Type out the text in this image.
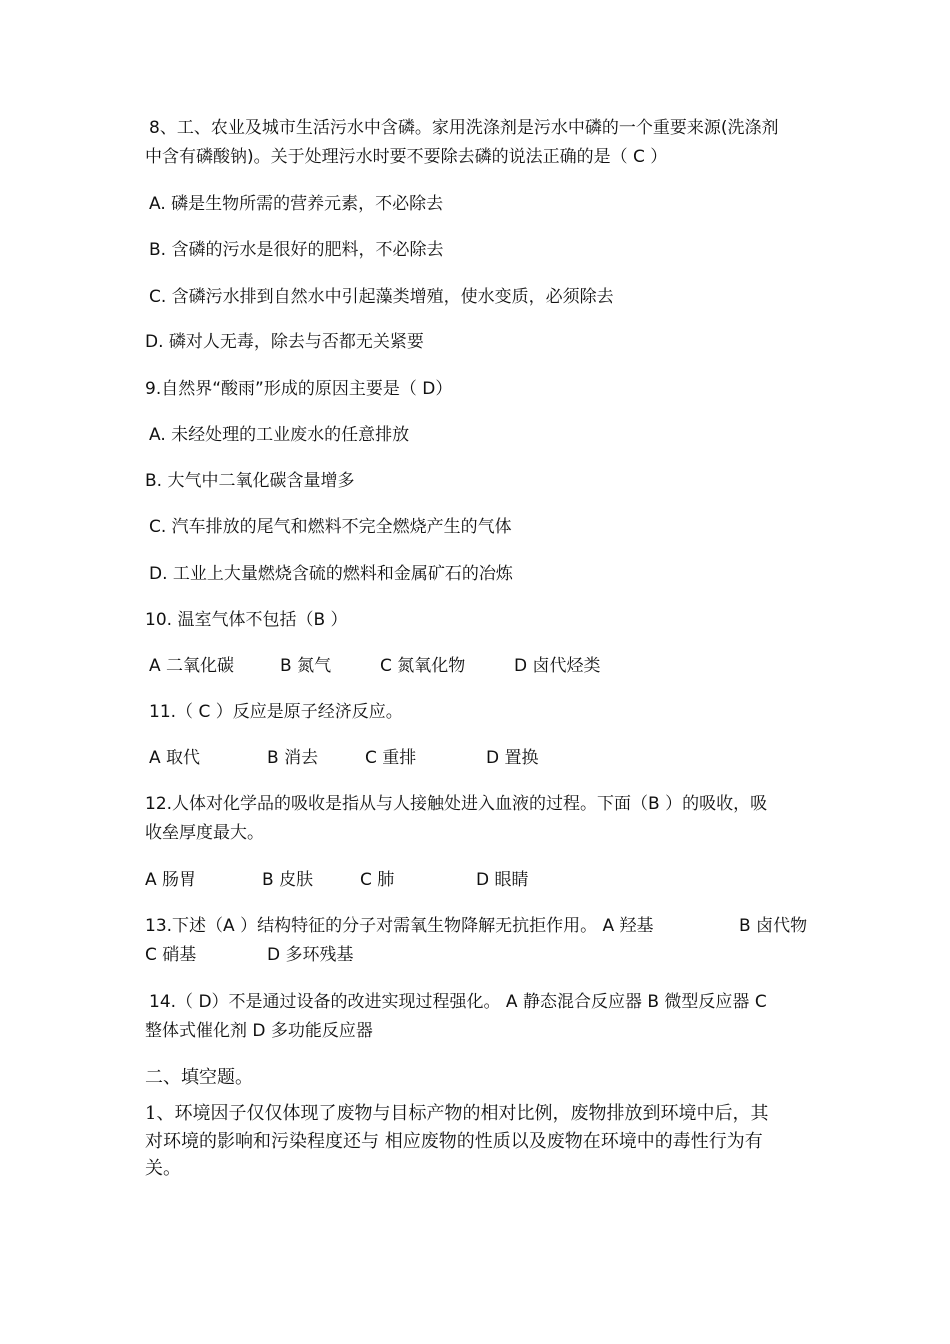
8、工、农业及城市生活污水中含磷。家用洗涤剂是污水中磷的一个重要来源(洗涤剂
中含有磷酸钠)。关于处理污水时要不要除去磷的说法正确的是（ C ）
A. 磷是生物所需的营养元素，不必除去
B. 含磷的污水是很好的肥料，不必除去
C. 含磷污水排到自然水中引起藻类增殖，使水变质，必须除去
D. 磷对人无毒，除去与否都无关紧要
9.自然界“酸雨”形成的原因主要是（ D）
A. 未经处理的工业废水的任意排放
B. 大气中二氧化碳含量增多
C. 汽车排放的尾气和燃料不完全燃烧产生的气体
D. 工业上大量燃烧含硫的燃料和金属矿石的冶炼
10. 温室气体不包括（B ）
A 二氧化碳	B 氮气	C 氮氧化物	D 卤代烃类
11.（ C ）反应是原子经济反应。
A 取代	B 消去	C 重排	D 置换
12.人体对化学品的吸收是指从与人接触处进入血液的过程。下面（B ）的吸收，吸
收垒厚度最大。
A 肠胃	B 皮肤	C 肺	D 眼睛
13.下述（A ）结构特征的分子对需氧生物降解无抗拒作用。 A 羟基	B 卤代物
C 硝基	D 多环残基
14.（ D）不是通过设备的改进实现过程强化。 A 静态混合反应器 B 微型反应器 C
整体式催化剂 D 多功能反应器
二、填空题。
1、环境因子仅仅体现了废物与目标产物的相对比例，废物排放到环境中后，其
对环境的影响和污染程度还与 相应废物的性质以及废物在环境中的毒性行为有
关。
